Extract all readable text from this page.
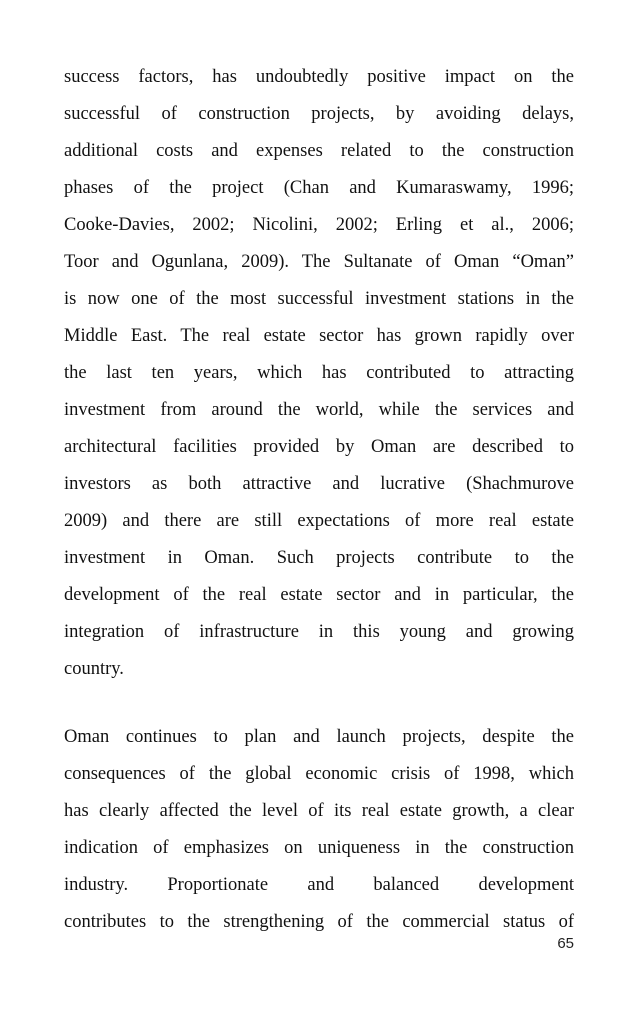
success factors, has undoubtedly positive impact on the
successful of construction projects, by avoiding delays,
additional costs and expenses related to the construction
phases of the project (Chan and Kumaraswamy, 1996;
Cooke-Davies, 2002; Nicolini, 2002; Erling et al., 2006;
Toor and Ogunlana, 2009). The Sultanate of Oman “Oman”
is now one of the most successful investment stations in the
Middle East. The real estate sector has grown rapidly over
the last ten years, which has contributed to attracting
investment from around the world, while the services and
architectural facilities provided by Oman are described to
investors as both attractive and lucrative (Shachmurove
2009) and there are still expectations of more real estate
investment in Oman. Such projects contribute to the
development of the real estate sector and in particular, the
integration of infrastructure in this young and growing
country.
Oman continues to plan and launch projects, despite the
consequences of the global economic crisis of 1998, which
has clearly affected the level of its real estate growth, a clear
indication of emphasizes on uniqueness in the construction
industry. Proportionate and balanced development
contributes to the strengthening of the commercial status of
65
